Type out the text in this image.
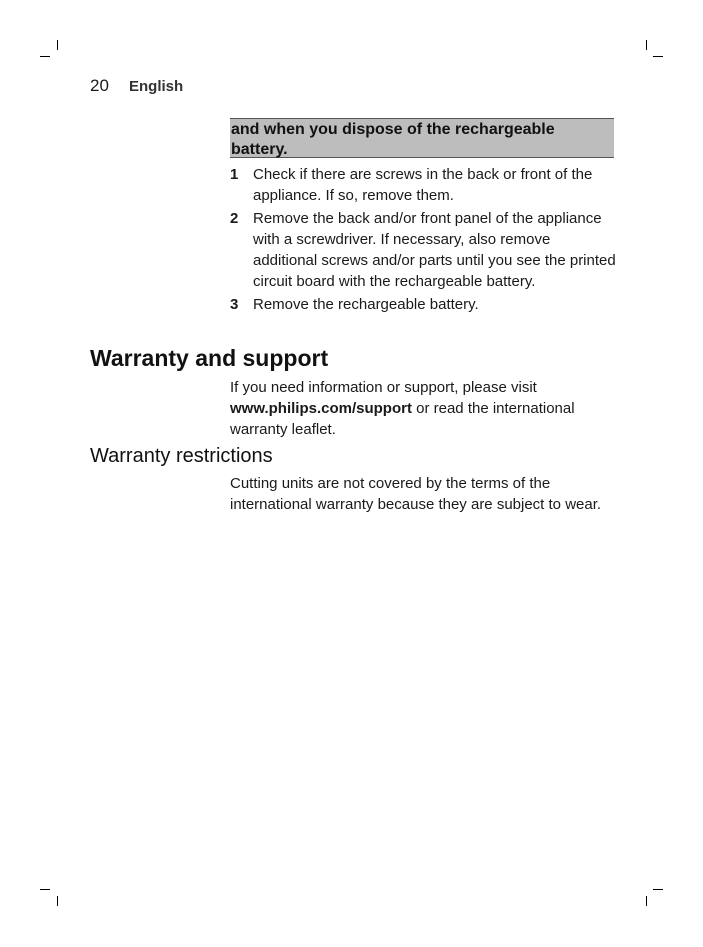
20 English
and when you dispose of the rechargeable battery.
1 Check if there are screws in the back or front of the appliance. If so, remove them.
2 Remove the back and/or front panel of the appliance with a screwdriver. If necessary, also remove additional screws and/or parts until you see the printed circuit board with the rechargeable battery.
3 Remove the rechargeable battery.
Warranty and support

If you need information or support, please visit www.philips.com/support or read the international warranty leaflet.

Warranty restrictions

Cutting units are not covered by the terms of the international warranty because they are subject to wear.
